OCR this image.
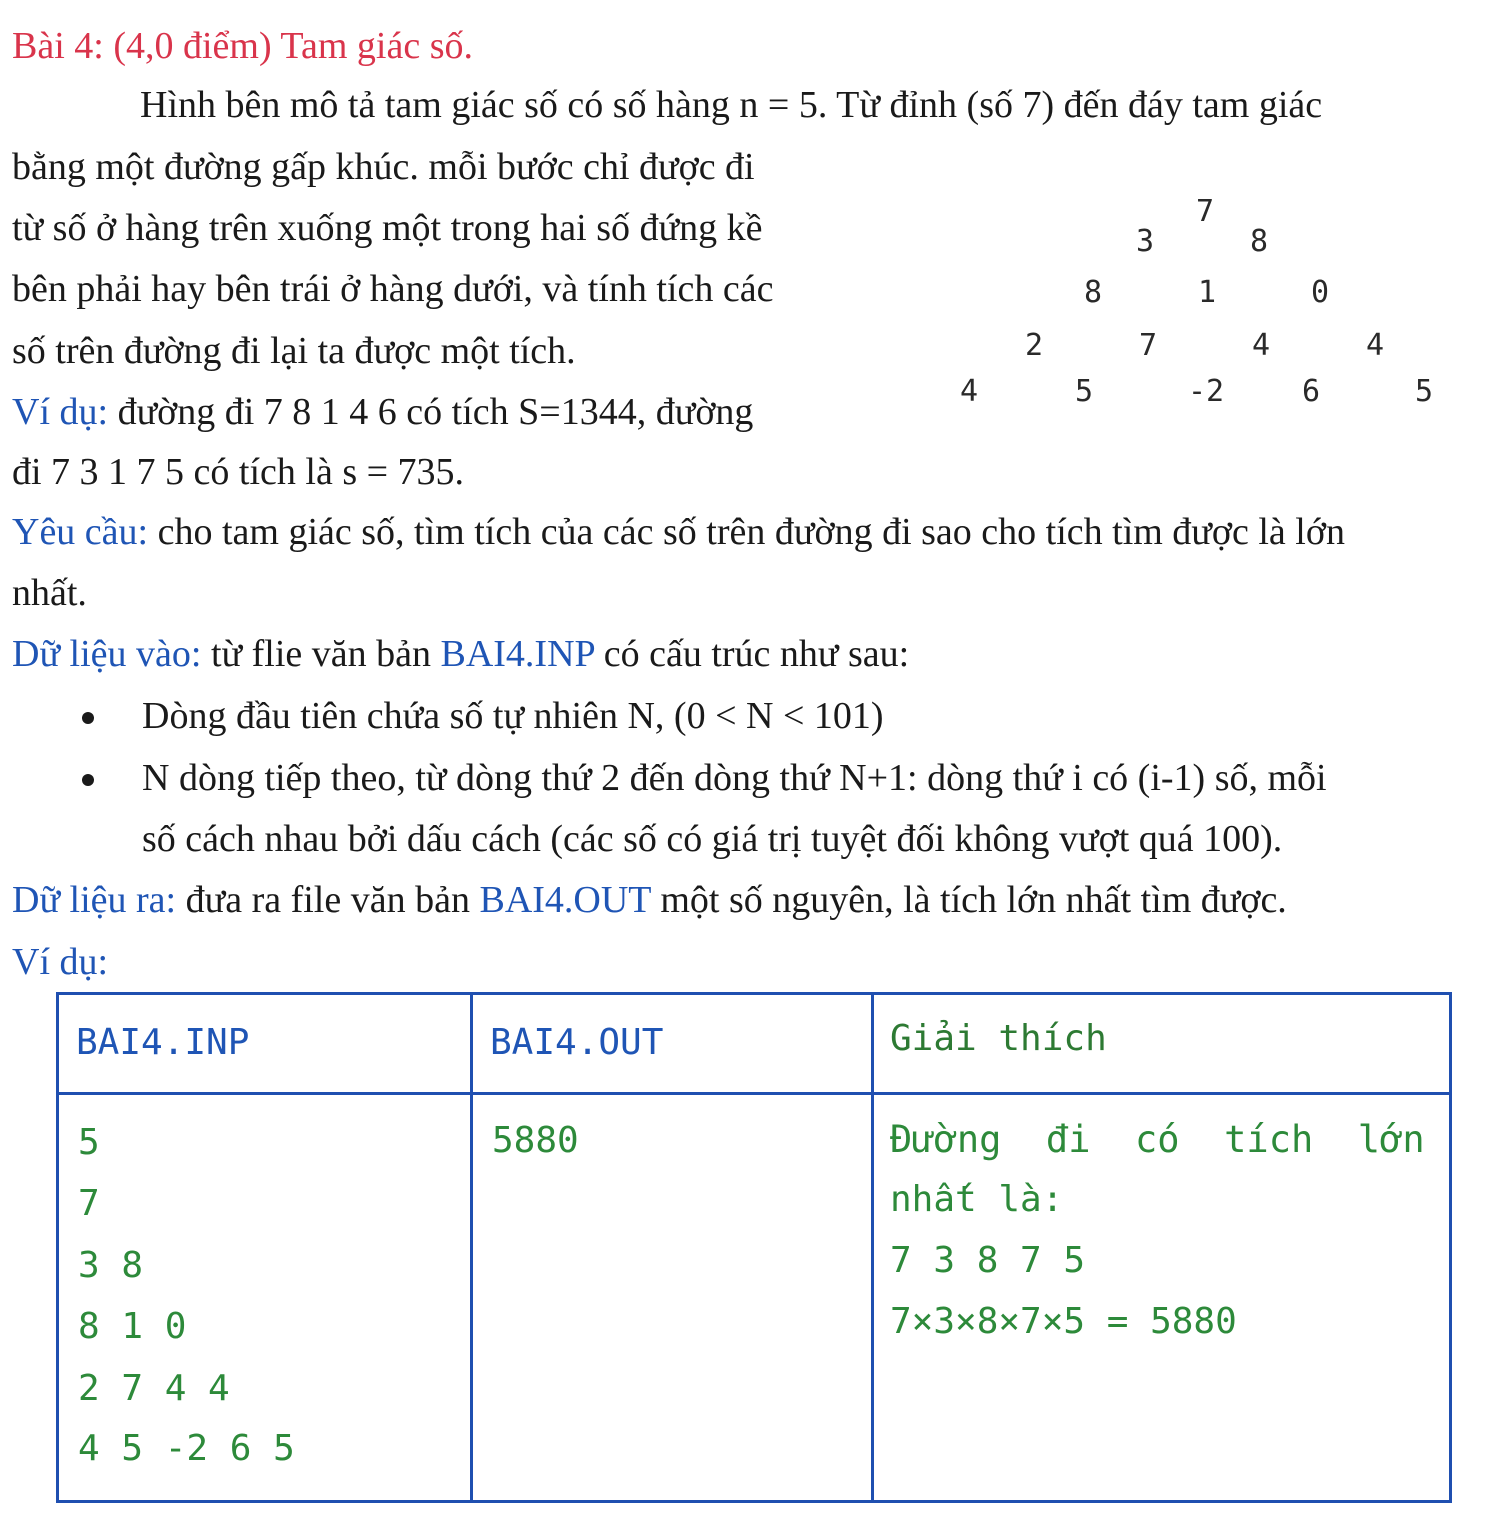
Bài 4: (4,0 điểm) Tam giác số.
Hình bên mô tả tam giác số có số hàng n = 5. Từ đỉnh (số 7) đến đáy tam giác
bằng một đường gấp khúc. mỗi bước chỉ được đi
từ số ở hàng trên xuống một trong hai số đứng kề
bên phải hay bên trái ở hàng dưới, và tính tích các
số trên đường đi lại ta được một tích.
Ví dụ: đường đi 7 8 1 4 6 có tích S=1344, đường
đi 7 3 1 7 5 có tích là s = 735.
7
3	8
8	1	0
2	7	4	4
4	5	-2	6	5
Yêu cầu: cho tam giác số, tìm tích của các số trên đường đi sao cho tích tìm được là lớn
nhất.
Dữ liệu vào: từ flie văn bản BAI4.INP có cấu trúc như sau:
Dòng đầu tiên chứa số tự nhiên N, (0 < N < 101)
N dòng tiếp theo, từ dòng thứ 2 đến dòng thứ N+1: dòng thứ i có (i-1) số, mỗi
số cách nhau bởi dấu cách (các số có giá trị tuyệt đối không vượt quá 100).
Dữ liệu ra: đưa ra file văn bản BAI4.OUT một số nguyên, là tích lớn nhất tìm được.
Ví dụ:
BAI4.INP	BAI4.OUT	Giải thích
5
7
3 8
8 1 0
2 7 4 4
4 5 -2 6 5
5880	Đường  đi  có  tích  lớn
nhất là:
7 3 8 7 5
7×3×8×7×5 = 5880
